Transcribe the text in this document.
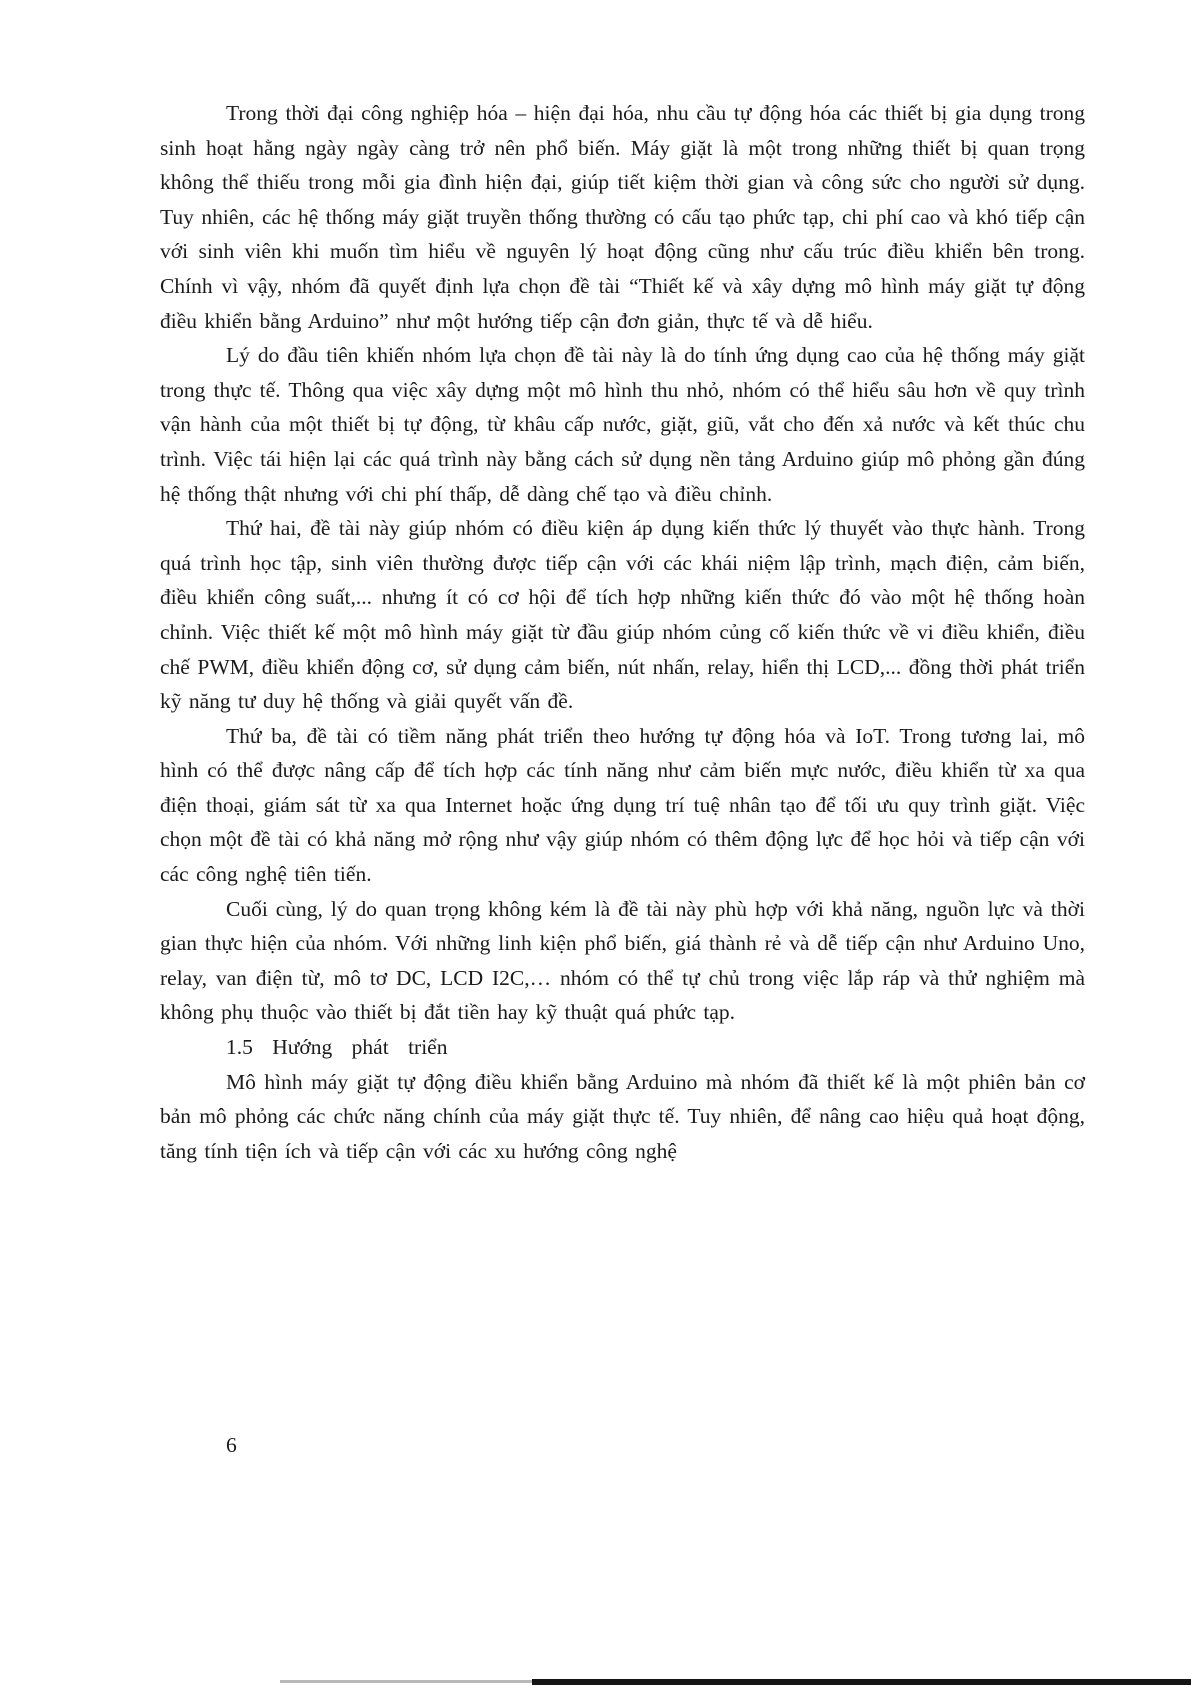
Trong thời đại công nghiệp hóa – hiện đại hóa, nhu cầu tự động hóa các thiết bị gia dụng trong sinh hoạt hằng ngày ngày càng trở nên phổ biến. Máy giặt là một trong những thiết bị quan trọng không thể thiếu trong mỗi gia đình hiện đại, giúp tiết kiệm thời gian và công sức cho người sử dụng. Tuy nhiên, các hệ thống máy giặt truyền thống thường có cấu tạo phức tạp, chi phí cao và khó tiếp cận với sinh viên khi muốn tìm hiểu về nguyên lý hoạt động cũng như cấu trúc điều khiển bên trong. Chính vì vậy, nhóm đã quyết định lựa chọn đề tài “Thiết kế và xây dựng mô hình máy giặt tự động điều khiển bằng Arduino” như một hướng tiếp cận đơn giản, thực tế và dễ hiểu.

Lý do đầu tiên khiến nhóm lựa chọn đề tài này là do tính ứng dụng cao của hệ thống máy giặt trong thực tế. Thông qua việc xây dựng một mô hình thu nhỏ, nhóm có thể hiểu sâu hơn về quy trình vận hành của một thiết bị tự động, từ khâu cấp nước, giặt, giũ, vắt cho đến xả nước và kết thúc chu trình. Việc tái hiện lại các quá trình này bằng cách sử dụng nền tảng Arduino giúp mô phỏng gần đúng hệ thống thật nhưng với chi phí thấp, dễ dàng chế tạo và điều chỉnh.

Thứ hai, đề tài này giúp nhóm có điều kiện áp dụng kiến thức lý thuyết vào thực hành. Trong quá trình học tập, sinh viên thường được tiếp cận với các khái niệm lập trình, mạch điện, cảm biến, điều khiển công suất,... nhưng ít có cơ hội để tích hợp những kiến thức đó vào một hệ thống hoàn chỉnh. Việc thiết kế một mô hình máy giặt từ đầu giúp nhóm củng cố kiến thức về vi điều khiển, điều chế PWM, điều khiển động cơ, sử dụng cảm biến, nút nhấn, relay, hiển thị LCD,... đồng thời phát triển kỹ năng tư duy hệ thống và giải quyết vấn đề.

Thứ ba, đề tài có tiềm năng phát triển theo hướng tự động hóa và IoT. Trong tương lai, mô hình có thể được nâng cấp để tích hợp các tính năng như cảm biến mực nước, điều khiển từ xa qua điện thoại, giám sát từ xa qua Internet hoặc ứng dụng trí tuệ nhân tạo để tối ưu quy trình giặt. Việc chọn một đề tài có khả năng mở rộng như vậy giúp nhóm có thêm động lực để học hỏi và tiếp cận với các công nghệ tiên tiến.

Cuối cùng, lý do quan trọng không kém là đề tài này phù hợp với khả năng, nguồn lực và thời gian thực hiện của nhóm. Với những linh kiện phổ biến, giá thành rẻ và dễ tiếp cận như Arduino Uno, relay, van điện từ, mô tơ DC, LCD I2C,… nhóm có thể tự chủ trong việc lắp ráp và thử nghiệm mà không phụ thuộc vào thiết bị đắt tiền hay kỹ thuật quá phức tạp.

1.5 Hướng phát triển

Mô hình máy giặt tự động điều khiển bằng Arduino mà nhóm đã thiết kế là một phiên bản cơ bản mô phỏng các chức năng chính của máy giặt thực tế. Tuy nhiên, để nâng cao hiệu quả hoạt động, tăng tính tiện ích và tiếp cận với các xu hướng công nghệ

6
